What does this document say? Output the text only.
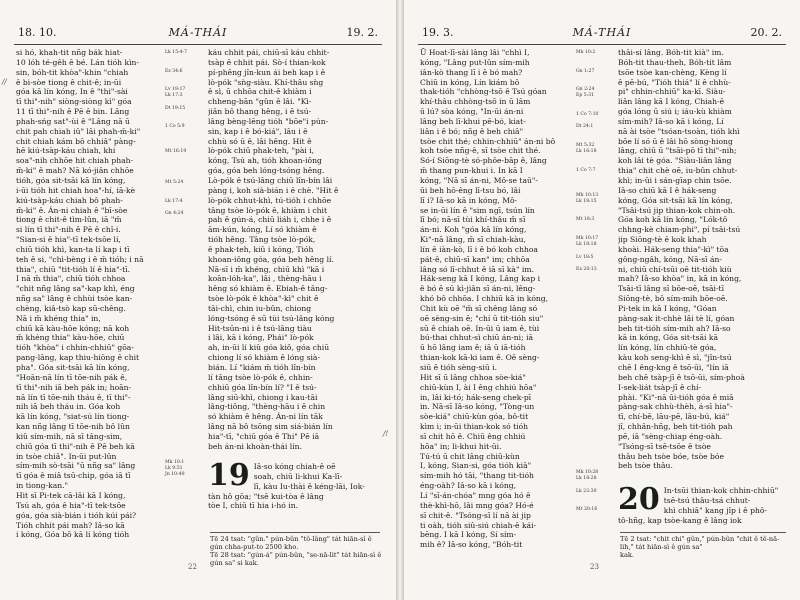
18. 10.	MÁ-THÁI	19. 2.
si hó, khah-tit nñg bák hiat-
10 lóh té-gêh ê bé. Lán tióh kìn-
sin, bóh-tit khòa"-khin "chiah
ê bi-sòe tiong ê chit-ê; in-ūi
góa kā lín kóng, In ê "thi"-sài
tī thi"-nih" siòng-siòng kì" góa
11 tī thi"-nih ê Pē ê bin. Lâng
phah-sńg sat"-ùi ê "Lâng nā ū
chit pah chiah iû" lâi phah-m̄-ki"
chit chiah kám bô chhiâ" pàng-
hē kiú-tsàp-káu chiah, khi
soa"-nih chhōe hit chiah phah-
m̄-ki" ê mah? Nā kó-jiân chhōe
tióh, góa sit-tsāi kā lín kóng,
i-ūi tióh hit chiah hoa"-hí, iā-kè
kiú-tsàp-káu chiah bô phah-
m̄-ki" ê. Án-ni chiah ê "bī-sòe
tiong ê chit-ê tìm-lûn, iā "m̄
si lín tī thi"-nih ê Pē ê chî-i.
"Sian-si ê hia"-tī tek-tsōe lí,
chiū tióh khì, kan-ta lí kap i tī
teh ê si, "chì-bèng i ê m̄ tióh; i nā
thia", chiū "tit-tióh lí ê hia"-tī.
I nā m̄ thia", chiū tióh chhoa
"chit nñg lâng sa"-kap khì, éng
nñg sa" lâng ê chhùi tsòe kan-
chèng, kiâ-tsò kap sū-chêng.
Nā i m̄ khéng thia" in,
chiū kā kàu-hōe kóng; nā koh
m̄ khéng thia" kàu-hōe, chiū
tióh "khòa" i chhin-chhiū" gōa-
pang-lâng, kap thiu-hiōng ê chit
pha". Góa sit-tsāi kā lín kóng,
"Hoān-nā lín tī tōe-nih pák ê,
tī thi"-nih iā beh pák in; hoān-
nā lín tī tōe-nih tháu ê, tī thi"-
nih iā beh tháu in. Góa koh
kā lín kóng, "siat-sú lín tiong-
kan nñg lâng tī tōe-nih bô lûn
kiû sím-mih, nā sī tâng-sim,
chiū góa tī thi"-nih ê Pē beh kā
in tsòe chiâ". In-ūi put-lûn
sím-mih sò-tsāi "ū nñg sa" lâng
tī góa ê miâ tsū-chip, góa iā tī
in tiong-kan."
Hit sī Pi-tek cā-lâi kā I kóng,
Tsú ah, góa ê hia"-tī tek-tsōe
góa, góa sià-bián i tióh kúi pái?
Tióh chhit pái mah? Iâ-so kā
i kóng, Góa bô kā lí kóng tióh
Lk 15:4-7

Ez 34:6

Lv 19:17
Lk 17:3

Dt 19:15

1 Co 5:9

Mt 16:19

Mt 5:24

Lk 17:4

Gn 4:24
káu chhit pái, chiū-sī káu chhit-
tsàp ê chhit pái. Sò-í thian-kok
pí-phêng jîn-kun ái beh kap i ê
lò-pók "sǹg-siàu. Khí-thâu sǹg
ê sì, ū chhōa chit-ê khiàm i
chheng-bān "gûn ê lâi. "Kì-
jiân bô thang hêng, i ê tsú-
lâng bèng-lēng tióh "bōe"i pún-
sin, kap i ê bó-kiá", lâu i ê
chhù só ū ê, lâi hêng. Hit ê
lò-pók chiū phak-teh, "pài i,
kóng, Tsú ah, tióh khoan-iông
góa, góa beh lóng-tsóng hêng.
Lò-pók ê tsú-lâng chiū lîn-bín lâi
pàng i, koh sià-bián i ê chè. "Hit ê
lò-pók chhut-khì, tú-tióh i chhōe
tâng tsòe lò-pók ê, khiàm i chit
pah ê gún-á, chiū liáh i, chhe i ê
ām-kún, kóng, Lí só khiàm ê
tióh hêng. Tâng tsòe lò-pók,
ê phak-teh, kiû i kóng, Tióh
khoan-iông góa, góa beh hêng lí.
Nā-sī i m̄ khéng, chiū khì "kā i
koān-lóh-ka", lâi , thèng-hāu i
hêng só khiàm ê. Ebiah-ê tâng-
tsòe lò-pók ê khòa"-kì" chit ê
tāi-chì, chin iu-bûn, chiong
lóng-tsóng ê sū tùi tsú-lâng kóng
Hit-tsūn-ni i ê tsú-lâng tiàu
i lâi, kā i kóng, Phái" lò-pók
ah, in-ūi lí kiû góa kiô, góa chiū
chiong lí só khiàm ê lóng sià-
bián. Lí "kiám m̄ tióh lîn-bín
lí tâng tsòe lò-pók ê, chhin-
chhiū góa lîn-bín lí? "I ê tsú-
lâng siū-khì, chiong i kau-tāi
lâng-tiông, "thèng-hāu i ê chin
só khiàm ê hêng. Án-ni lín tāk
lâng nā bô tsōng sim siá-bián lín
hia"-tī, "chiū góa ê Thi" Pē iā
beh án-ni khoàn-thái lín.
19 Iâ-so kóng chiah-ê oē
soah, chiū li-khui Ka-lī-
lī, kàu Iu-thài ê kéng-lāi, Iok-
tàn hô gōa; "tsē kui-tòa ê lâng
tòe I, chiū tī hia i-hó in.
Mk 10:1
Lk 9:51
Jn 10:40
Tē 24 tsat: "gûn." pún-bûn "tô-lâng" tát hiān-sì ê gún chha-put-to 2500 kho.
Tē 28 tsat: "gún-á" pún-bûn, "se-nā-lit" tát hiān-sì ê gún sa" si kak.
22
//
/!
19. 3.	MÁ-THÁI	20. 2.
Ū Hoat-lī-sài lâng lâi "chhì I,
kóng, "Lâng put-lûn sím-mih
iân-kò thang lī i ê bó mah?
Chiū in kóng, Lín kiám bô
thak-tióh "chhòng-tsō ê Tsú góan
khí-thâu chhòng-tsō in ū lâm
ū lú? sòa kóng, "In-ūi án-ni
lâng beh lī-khui pē-bó, kiat-
liân i ê bó; nñg ê beh chiâ"
tsòe chit thé; chhin-chhiū" án-ni bô
koh tsòe nñg-ê, sī tsòe chit thé.
Só-í Siōng-tè só-phōe-bāp ê, lâng
m̄ thang pun-khui i. In kā I
kóng, "Nā sī án-ni, Mô-se taū"-
ūi beh hō-êng lī-tsu bó, lâi
lī i? Iâ-so kā in kóng, Mô-
se in-ūi lín ê "sim ngī, tsún lín
lī bó; nā-sī tùi khí-thâu m̄ sī
án-ni. Koh "góa kā lín kóng,
Ki"-nā lâng, m̄ sī chiah-kàu,
lín ê iàn-kò, lī i ê bó koh chhoa
pát-ê, chiū-sī kan" im; chhōa
lâng só lī-chhut ê iā sī kà" im.
Hák-seng kā I kóng, Lâng kap i
ê bó ê sū kì-jiân sī án-ni, lêng-
khó bô chhōa. I chhiū kā in kóng,
Chit kù oē "m̄ sī chêng lâng só
oē sèng-sin ê; "chí ū tit-tióh siu"
sū ê chiah oē. In-ūi ū iam ê, tùi
bú-thai chhut-sì chiū án-ni; iā
ū hō lâng iam ê; iā ū iā-tióh
thian-kok kā-ki iam ê. Oē sèng-
siū ê tióh sèng-siū i.
Hit sī ū lâng chhoa sòe-kiá"
chiū-kùn I, ài I êng chhiú hōa"
in, lâi ki-tó; hák-seng chek-pī
in. Nā-sī Iâ-so kóng, "Tòng-un
sòe-kiá" chiū-kùn góa, bô-tit
kìm i; in-ūi thian-kok só tióh
sī chit hō ê. Chiū êng chhiú
hōa" in; li-khui hit-ūi.
Tú-tú ū chit lâng chiū-kùn
I, kóng, Sian-si, góa tióh kiâ"
sím-mih hó tāi, "thang tit-tióh
éng-oàh? Iâ-so kā i kóng,
Lí "sī-án-chóa" mng góa hó ê
thè-khì-hō, lâi mng góa? Hó-é
sī chit-ê. "Tsóng-sī lí nā ài jip
ti oàh, tióh siû-siú chiah-ê kái-
bēng. I kā I kóng, Sí sím-
mih ê? Iâ-so kóng, "Bóh-tit
Mk 10:2

Gn 1:27

Gn 2:24
Ep 5:31

1 Co 7:10

Dt 24:1

Mt 5:32
Lk 16:18

1 Co 7:7

Mk 10:13
Lk 18:15

Mt 18:3

Mk 10:17
Lk 18:18

Lv 18:5

Ex 20:13
thâi-sí lâng. Bóh-tit kià" im.
Bóh-tit thau-theh, Bóh-tit lâm
tsōe tsòe kan-chèng, Kèng lí
ê pē-bú, "Tióh thiá" lí ê chhù-
pi" chhin-chhiū" ka-kī. Siàu-
liân lâng kā I kóng, Chiah-ê
góa lóng ū siú i; iáu-kù khiàm
sím-mih? Iâ-so kā i kóng, Lí
nā ài tsòe "tsóan-tsoàn, tióh khì
bōe lí só ū ê lâi hō sòng-hiong
lâng, chiū ū "tsāi-pō tī thi"-nih;
koh lâi tè góa. "Siàu-liân lâng
thia" chit chè oē, iu-bûn chhut-
khì; in-ūi i sán-gīap chin tsōe.
Iâ-so chiū kā I ê hák-seng
kóng, Góa sit-tsāi kā lín kóng,
"Tsâi-tsú jip thian-kok chin-oh.
Góa koh kā lín kóng, "Lók-tô
chhng-kè chiam-phi", pí tsâi-tsú
jip Siōng-tè ê kok khah
khoài. Hák-seng thia"-kì" tōa
gông-ngâh, kóng, Nā-sī án-
ni, chiū chí-tsūi oē tit-tióh kiù
mah? Iâ-so khòa" in, kā in kóng,
Tsāi-tī lâng sī bōe-oē, tsāi-tī
Siōng-tè, bô sím-mih bōe-oē.
Pi-tek in kā I kóng, "Góan
pàng-sak it-chhè lâi tè lí, góan
beh tit-tióh sím-mih ah? Iâ-so
kā in kóng, Góa sit-tsāi kā
lín kóng, lín chhiū-tè góa,
kàu koh seng-khì ê sì, "jîn-tsú
chē I êng-kng ê tsō-ūi, "lín iā
beh chē tsàp-jī ê tsō-ūi, sím-phoà
I-sek-liát tsàp-jī ê chí-
phài. "Ki"-nā ūi-tióh góa ê miâ
pàng-sak chhù-thèh, á-sī hia"-
tī, chí-bē, lāu-pē, lāu-bú, kiá"
jî, chhân-hñg, beh tit-tióh pah
pē, iā "sèng-chiap éng-oàh.
"Tsóng-sī tsē-tsōe ê tsòe
thâu beh tsòe bóe, tsòe bóe
beh tsòe thâu.
20 In-tsūi thian-kok chhin-chhiū"
tsē-tsú thâu-tsá chhut-
khì chhiâ" kang jîp i ê phô-
tô-hñg, kap tsòe-kang ê lâng iok
Mk 10:28
Lk 18:28

Lk 22:30

Mt 20:16
Tē 2 tsat: "chit chi" gûn," pún-bûn "chit ê tê-nā-lih," tát hiān-sì ê gún sa"
kak.
23
